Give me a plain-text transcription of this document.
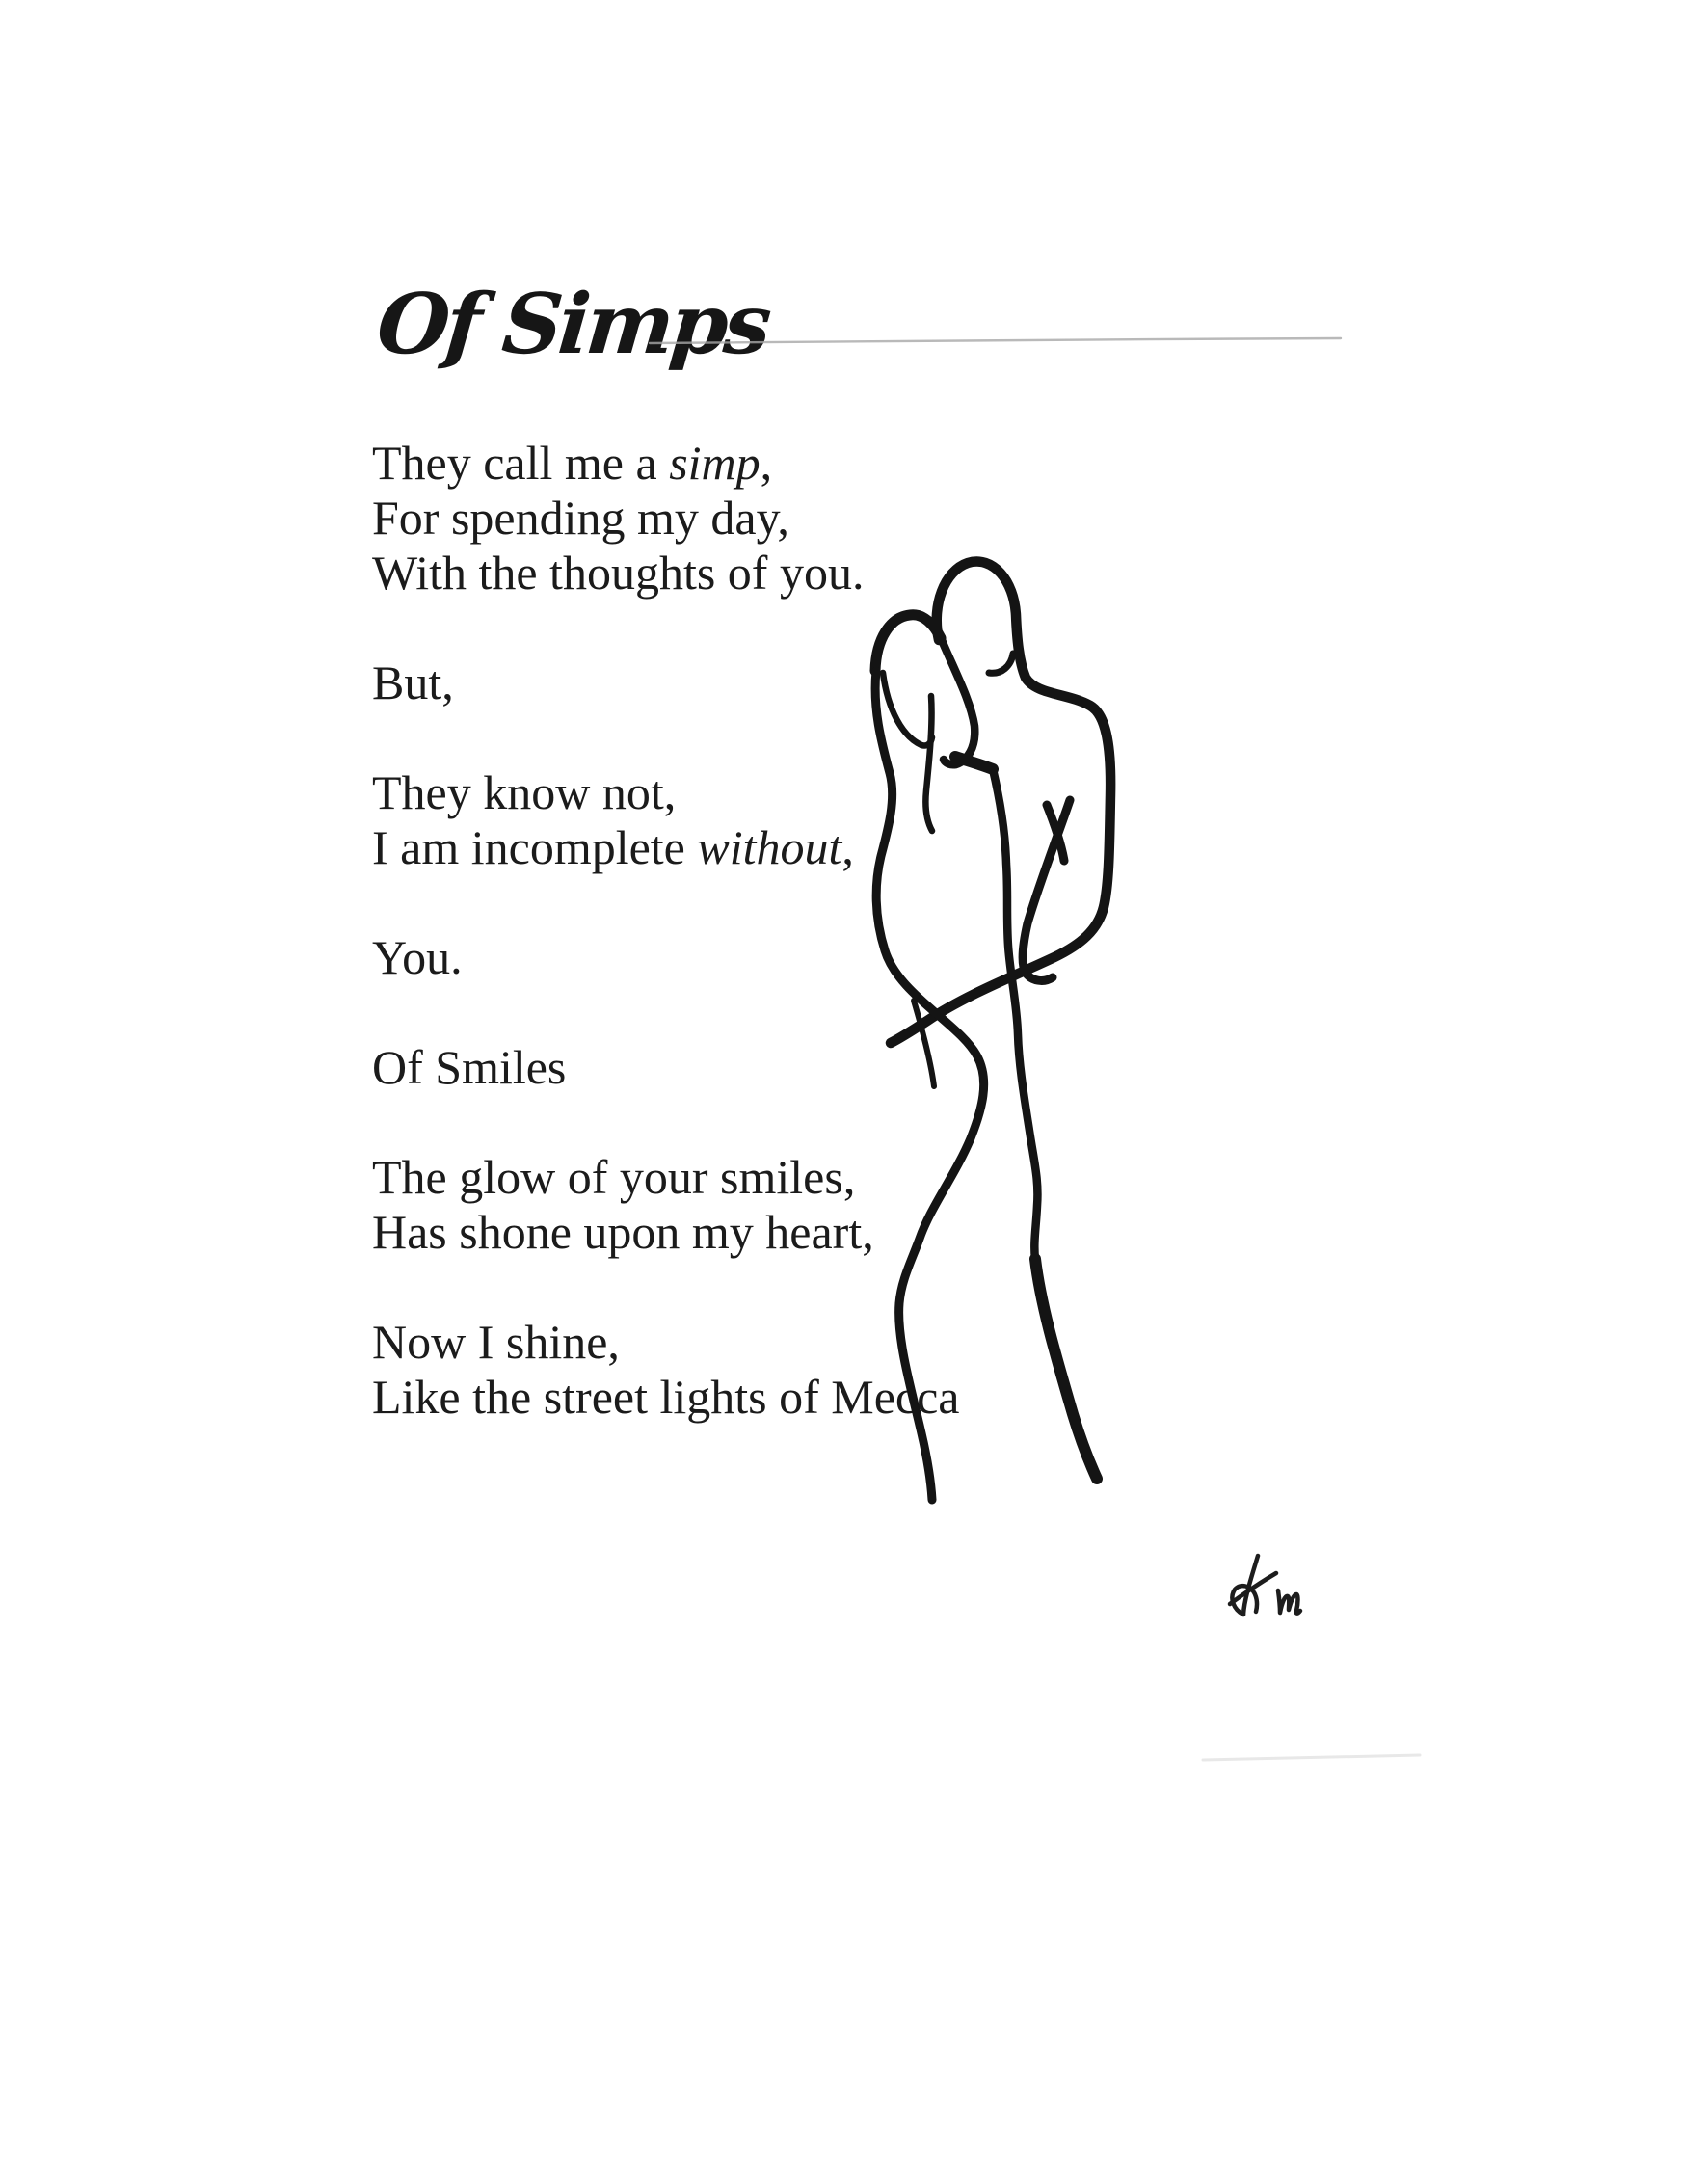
Of Simps
They call me a simp,
For spending my day,
With the thoughts of you.
But,
They know not,
I am incomplete without,
You.
Of Smiles
The glow of your smiles,
Has shone upon my heart,
Now I shine,
Like the street lights of Mecca
